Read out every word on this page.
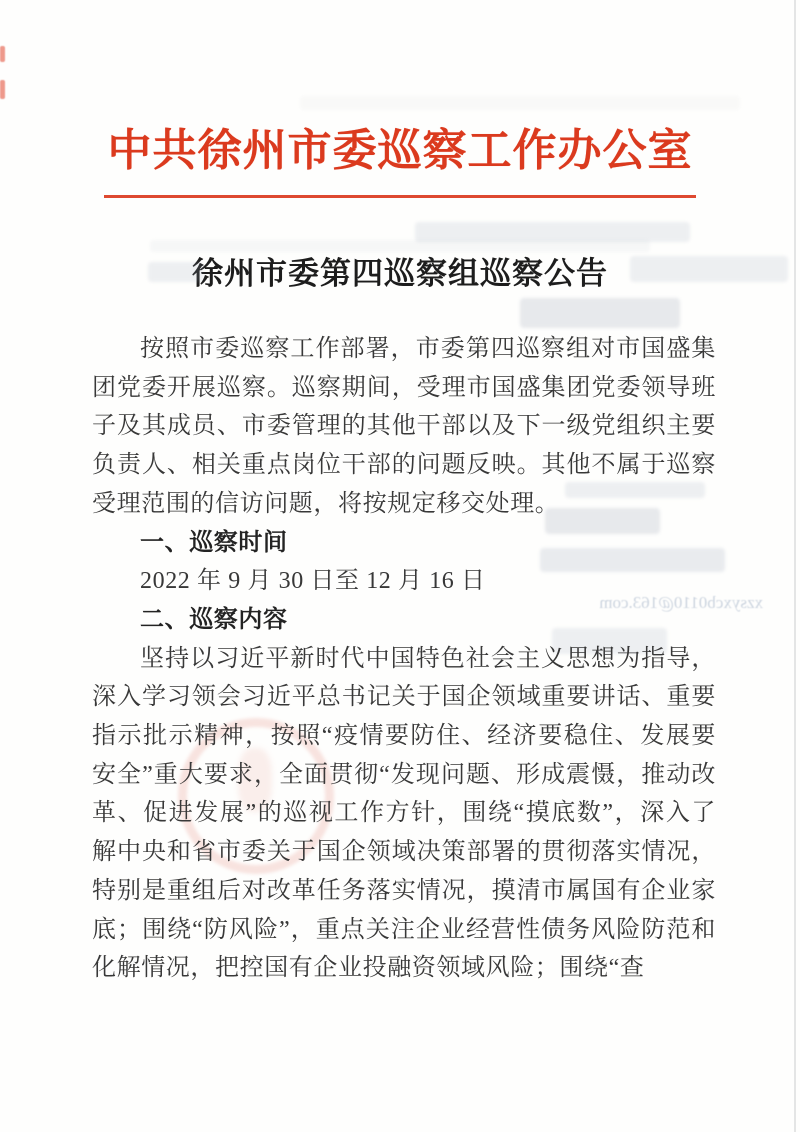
xzsyxcb0110@163.com
中共徐州市委巡察工作办公室
徐州市委第四巡察组巡察公告

按照市委巡察工作部署，市委第四巡察组对市国盛集团党委开展巡察。巡察期间，受理市国盛集团党委领导班子及其成员、市委管理的其他干部以及下一级党组织主要负责人、相关重点岗位干部的问题反映。其他不属于巡察受理范围的信访问题，将按规定移交处理。

一、巡察时间

2022 年 9 月 30 日至 12 月 16 日

二、巡察内容

坚持以习近平新时代中国特色社会主义思想为指导，深入学习领会习近平总书记关于国企领域重要讲话、重要指示批示精神，按照“疫情要防住、经济要稳住、发展要安全”重大要求，全面贯彻“发现问题、形成震慑，推动改革、促进发展”的巡视工作方针，围绕“摸底数”，深入了解中央和省市委关于国企领域决策部署的贯彻落实情况，特别是重组后对改革任务落实情况，摸清市属国有企业家底；围绕“防风险”，重点关注企业经营性债务风险防范和化解情况，把控国有企业投融资领域风险；围绕“查
